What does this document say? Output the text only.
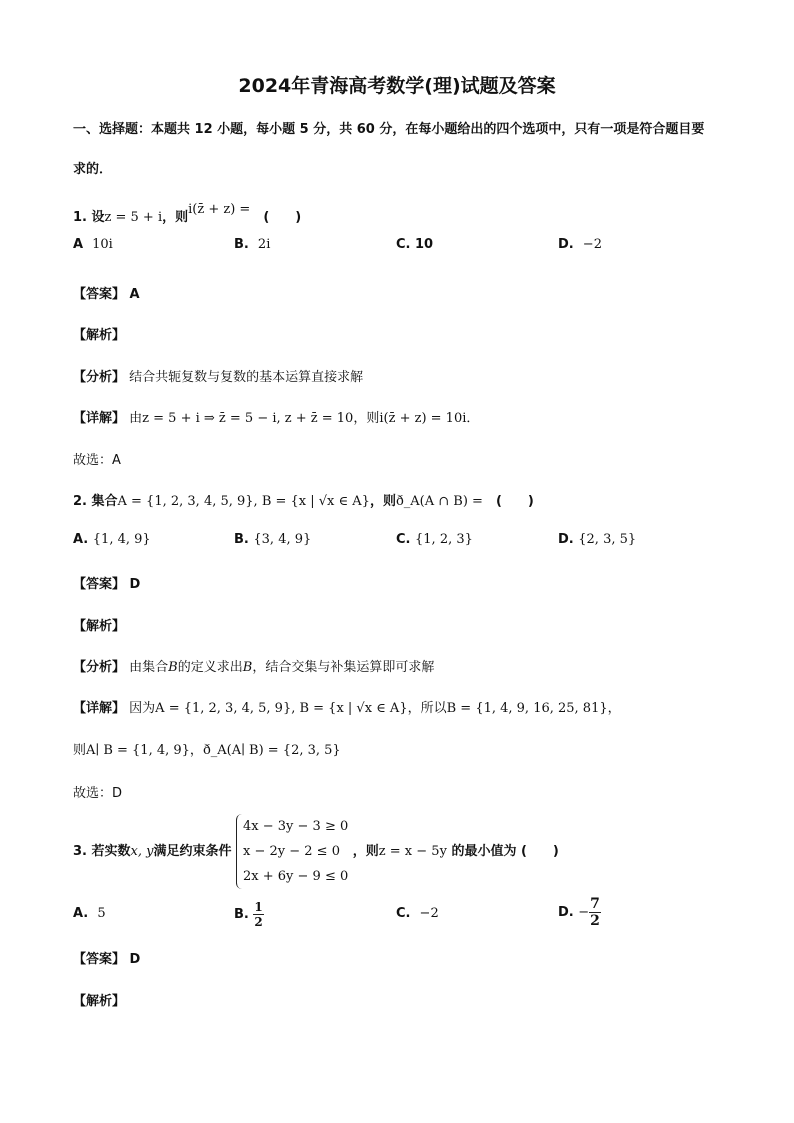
2024年青海高考数学(理)试题及答案
一、选择题：本题共 12 小题，每小题 5 分，共 60 分，在每小题给出的四个选项中，只有一项是符合题目要
求的．
1. 设z = 5 + i，则i(z̄ + z) =　(　　)
A 10i	B. 2i	C. 10	D. −2
【答案】 A
【解析】
【分析】 结合共轭复数与复数的基本运算直接求解
【详解】 由z = 5 + i ⇒ z̄ = 5 − i, z + z̄ = 10，则i(z̄ + z) = 10i．
故选：A
2. 集合A = {1, 2, 3, 4, 5, 9}, B = {x | √x ∈ A}，则ð_A(A ∩ B) =　 (　　)
A. {1, 4, 9}	B. {3, 4, 9}	C. {1, 2, 3}	D. {2, 3, 5}
【答案】 D
【解析】
【分析】 由集合B的定义求出B，结合交集与补集运算即可求解
【详解】 因为A = {1, 2, 3, 4, 5, 9}, B = {x | √x ∈ A}，所以B = {1, 4, 9, 16, 25, 81}，
则A∣ B = {1, 4, 9}，ð_A(A∣ B) = {2, 3, 5}
故选：D
3. 若实数x, y满足约束条件 4x − 3y − 3 ≥ 0
x − 2y − 2 ≤ 0
2x + 6y − 9 ≤ 0 ，则z = x − 5y 的最小值为 (　　)
A. 5	B. $\frac{1}{2}$	C. −2	D. − $\frac{7}{2}$
【答案】 D
【解析】
